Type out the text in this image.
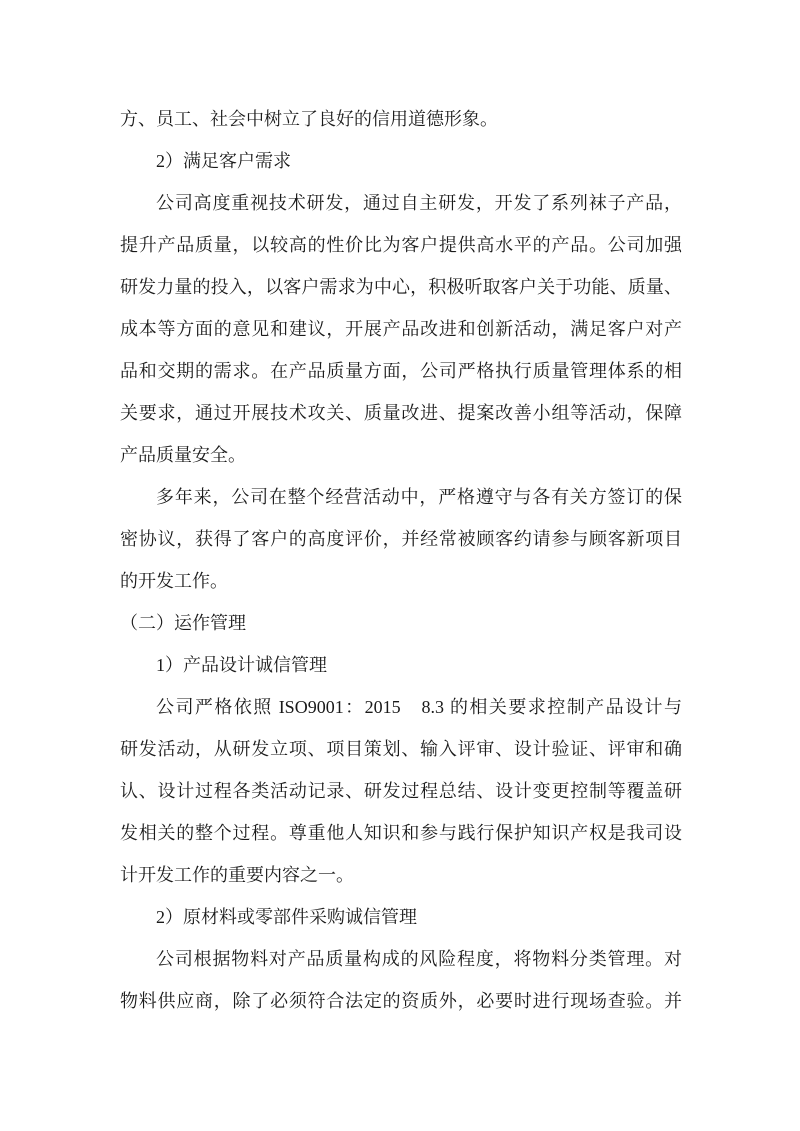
方、员工、社会中树立了良好的信用道德形象。
2）满足客户需求
公司高度重视技术研发，通过自主研发，开发了系列袜子产品，
提升产品质量，以较高的性价比为客户提供高水平的产品。公司加强
研发力量的投入，以客户需求为中心，积极听取客户关于功能、质量、
成本等方面的意见和建议，开展产品改进和创新活动，满足客户对产
品和交期的需求。在产品质量方面，公司严格执行质量管理体系的相
关要求，通过开展技术攻关、质量改进、提案改善小组等活动，保障
产品质量安全。
多年来，公司在整个经营活动中，严格遵守与各有关方签订的保
密协议，获得了客户的高度评价，并经常被顾客约请参与顾客新项目
的开发工作。
（二）运作管理
1）产品设计诚信管理
公司严格依照 ISO9001：2015　8.3 的相关要求控制产品设计与
研发活动，从研发立项、项目策划、输入评审、设计验证、评审和确
认、设计过程各类活动记录、研发过程总结、设计变更控制等覆盖研
发相关的整个过程。尊重他人知识和参与践行保护知识产权是我司设
计开发工作的重要内容之一。
2）原材料或零部件采购诚信管理
公司根据物料对产品质量构成的风险程度，将物料分类管理。对
物料供应商，除了必须符合法定的资质外，必要时进行现场查验。并
